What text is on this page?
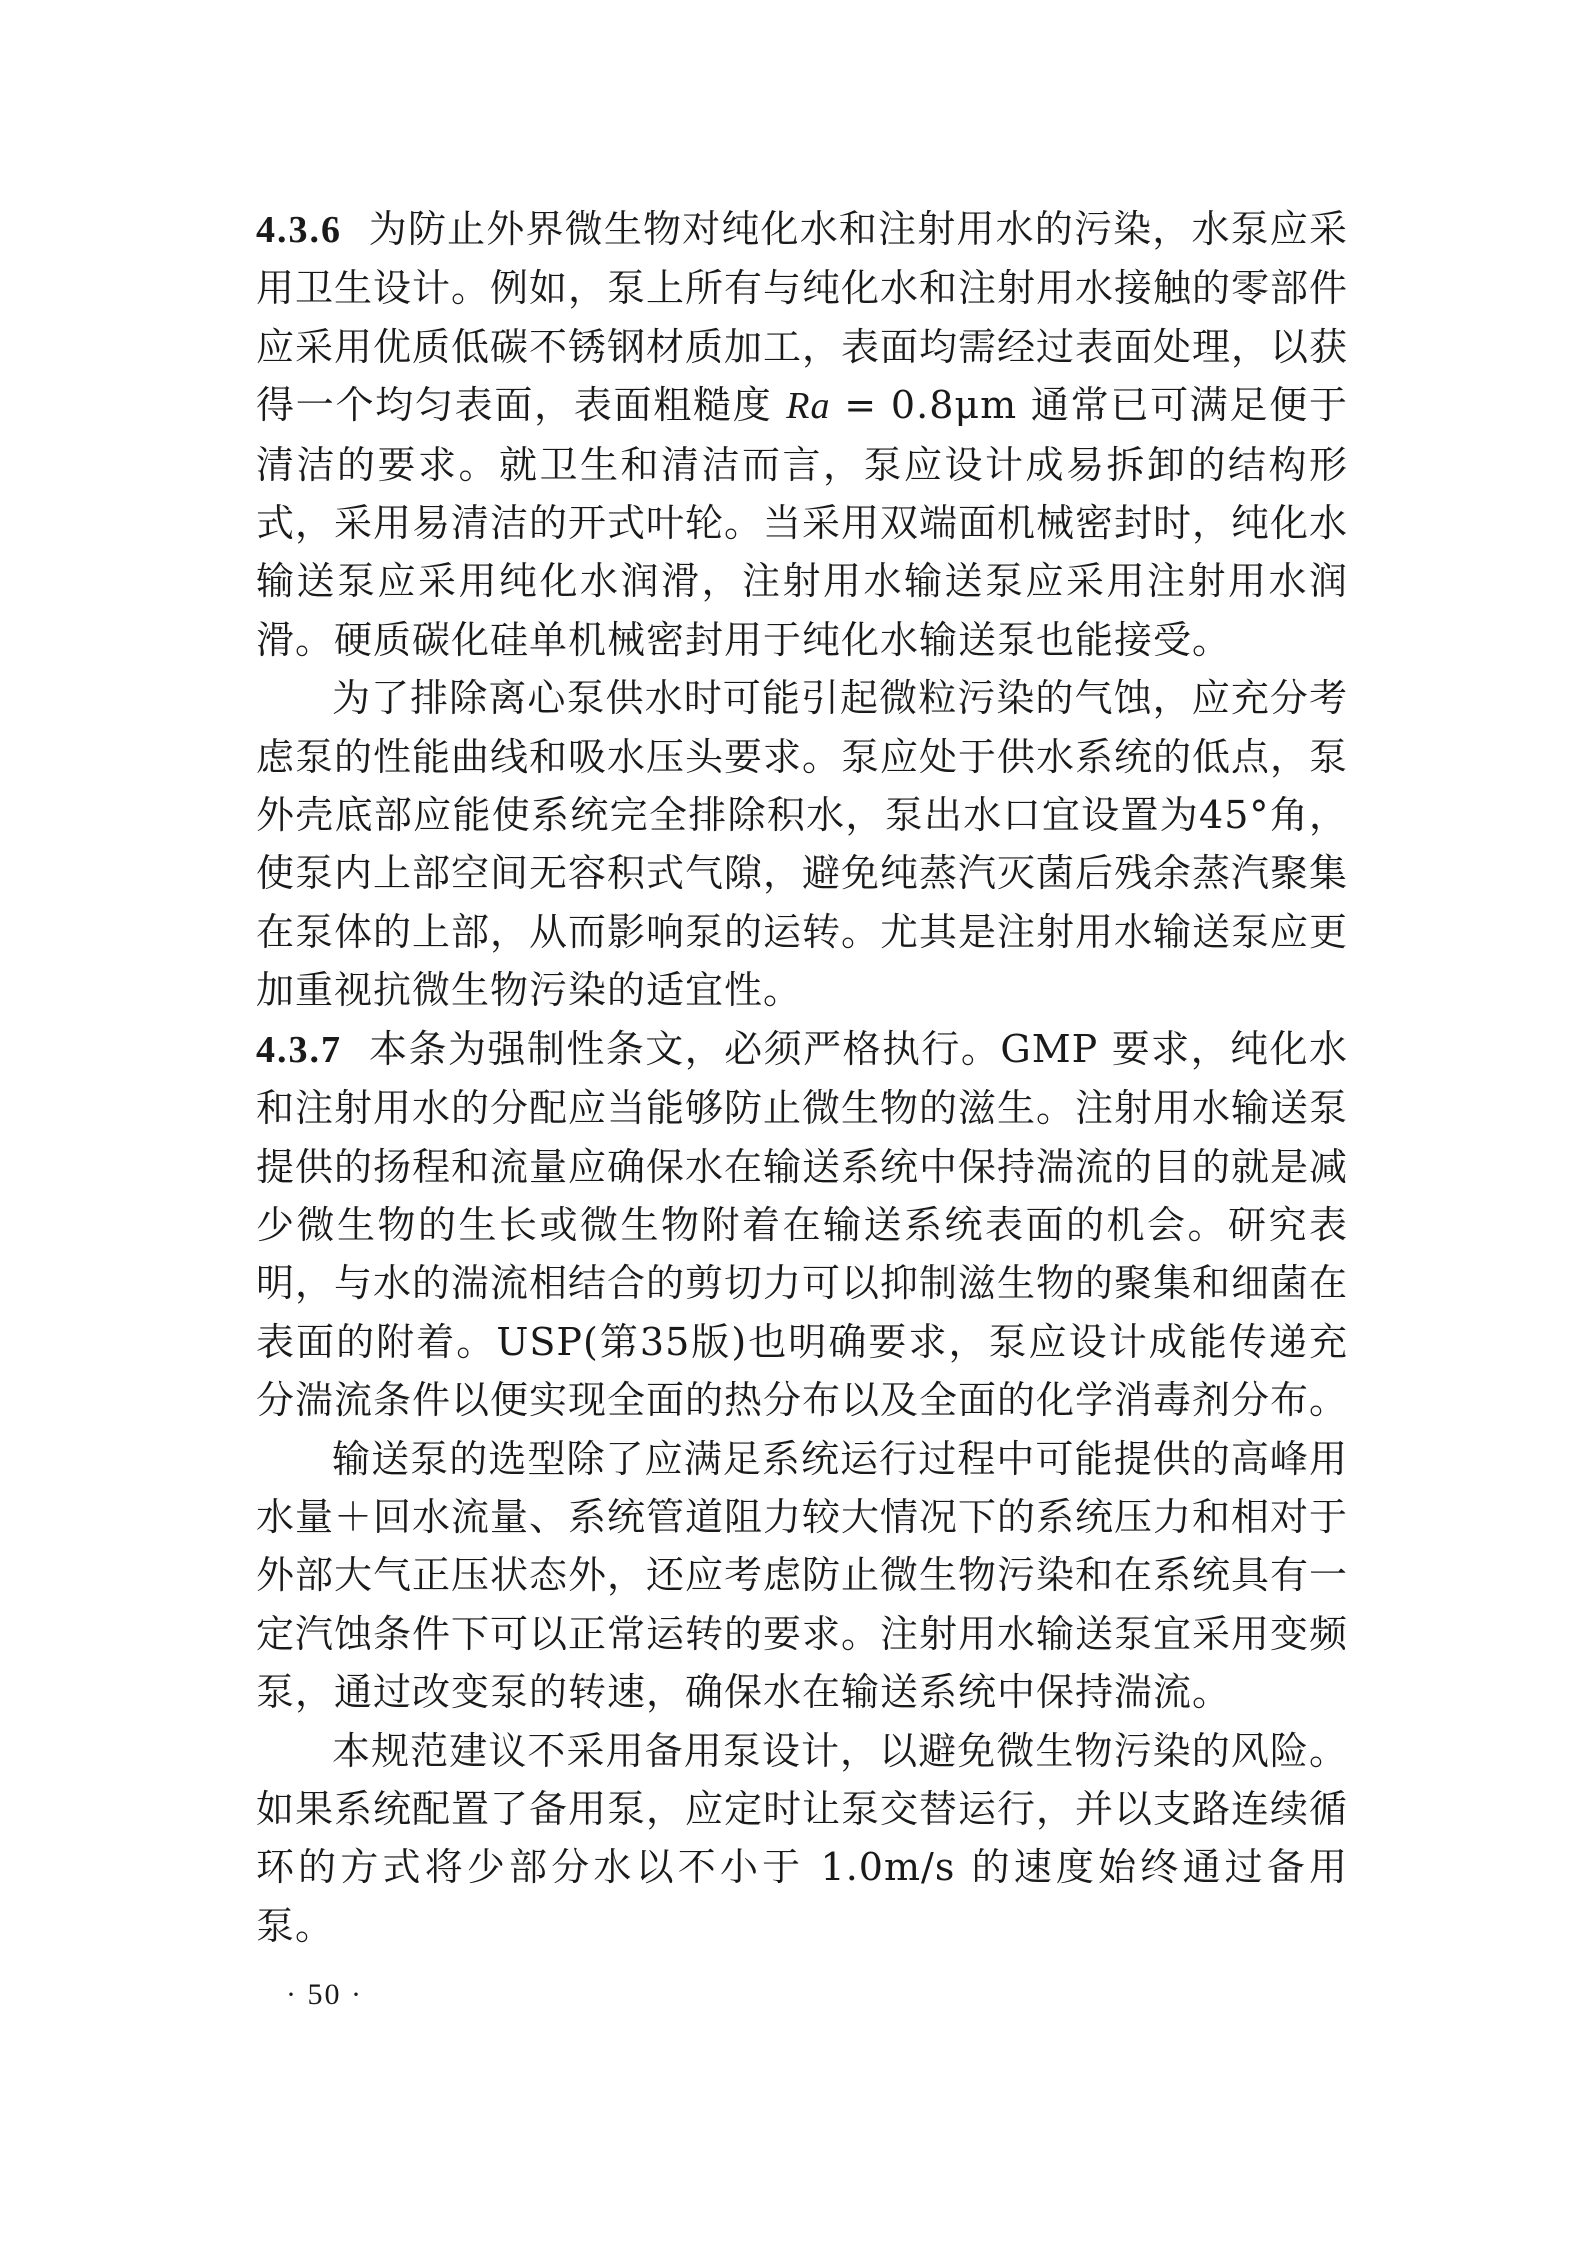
4.3.6 为防止外界微生物对纯化水和注射用水的污染，水泵应采用卫生设计。例如，泵上所有与纯化水和注射用水接触的零部件应采用优质低碳不锈钢材质加工，表面均需经过表面处理，以获得一个均匀表面，表面粗糙度 Ra = 0.8μm 通常已可满足便于清洁的要求。就卫生和清洁而言，泵应设计成易拆卸的结构形式，采用易清洁的开式叶轮。当采用双端面机械密封时，纯化水输送泵应采用纯化水润滑，注射用水输送泵应采用注射用水润滑。硬质碳化硅单机械密封用于纯化水输送泵也能接受。

为了排除离心泵供水时可能引起微粒污染的气蚀，应充分考虑泵的性能曲线和吸水压头要求。泵应处于供水系统的低点，泵外壳底部应能使系统完全排除积水，泵出水口宜设置为45°角，使泵内上部空间无容积式气隙，避免纯蒸汽灭菌后残余蒸汽聚集在泵体的上部，从而影响泵的运转。尤其是注射用水输送泵应更加重视抗微生物污染的适宜性。

4.3.7 本条为强制性条文，必须严格执行。GMP 要求，纯化水和注射用水的分配应当能够防止微生物的滋生。注射用水输送泵提供的扬程和流量应确保水在输送系统中保持湍流的目的就是减少微生物的生长或微生物附着在输送系统表面的机会。研究表明，与水的湍流相结合的剪切力可以抑制滋生物的聚集和细菌在表面的附着。USP(第35版)也明确要求，泵应设计成能传递充分湍流条件以便实现全面的热分布以及全面的化学消毒剂分布。

输送泵的选型除了应满足系统运行过程中可能提供的高峰用水量＋回水流量、系统管道阻力较大情况下的系统压力和相对于外部大气正压状态外，还应考虑防止微生物污染和在系统具有一定汽蚀条件下可以正常运转的要求。注射用水输送泵宜采用变频泵，通过改变泵的转速，确保水在输送系统中保持湍流。

本规范建议不采用备用泵设计，以避免微生物污染的风险。如果系统配置了备用泵，应定时让泵交替运行，并以支路连续循环的方式将少部分水以不小于 1.0m/s 的速度始终通过备用泵。

· 50 ·
